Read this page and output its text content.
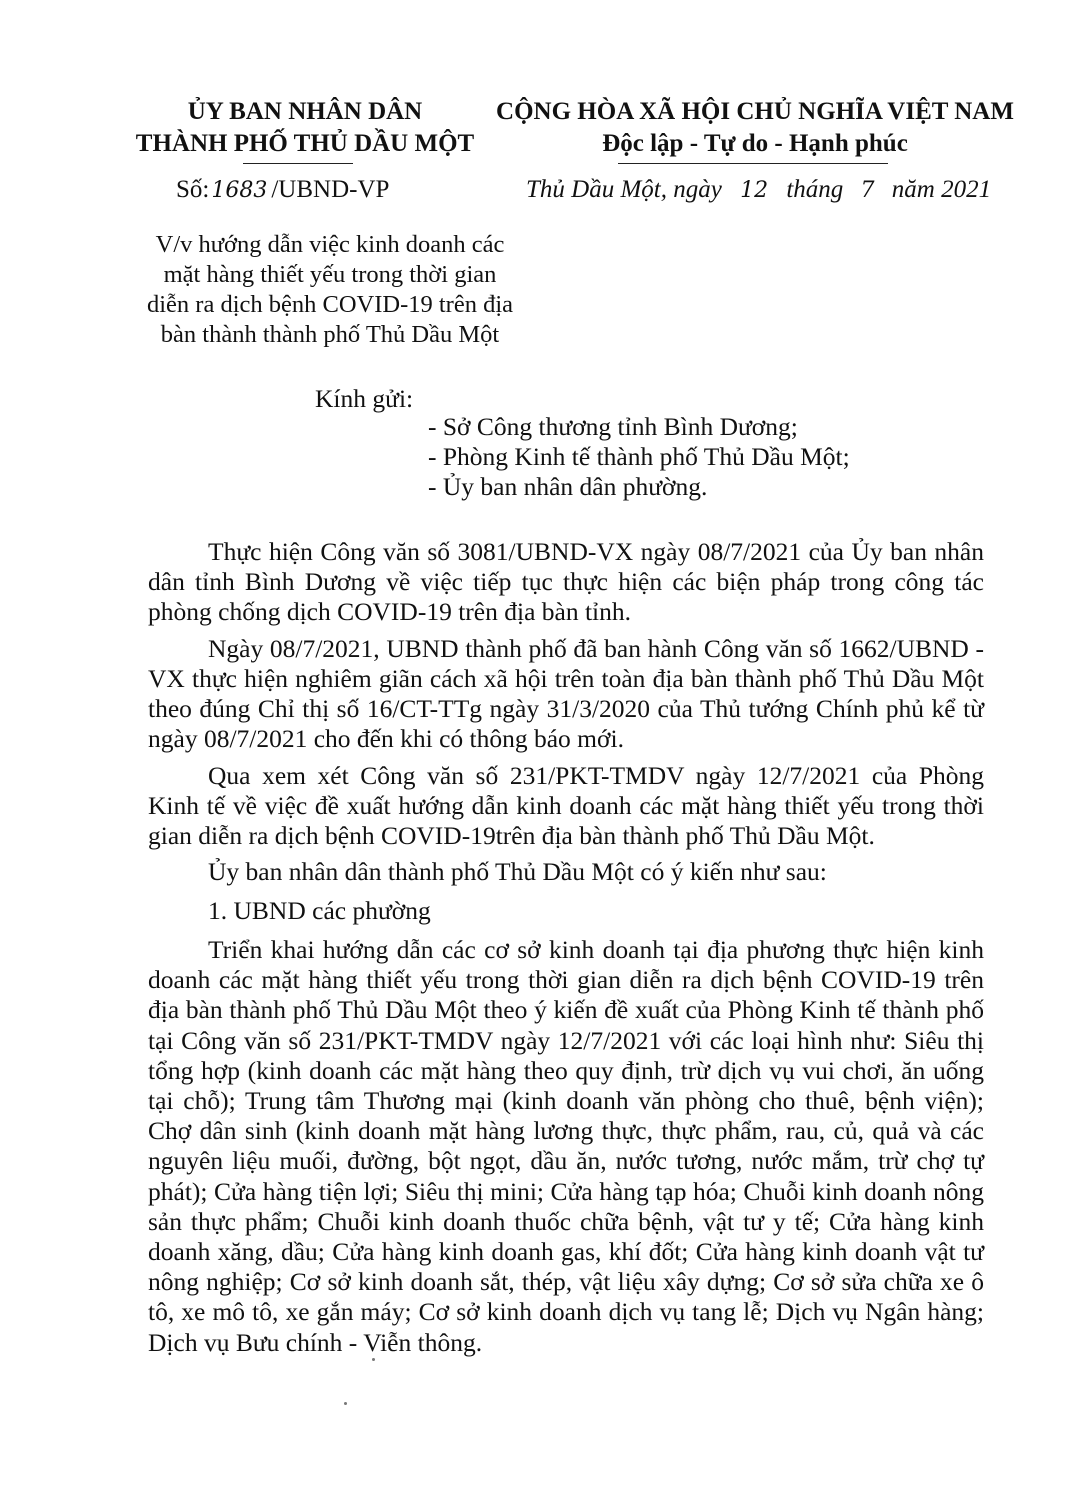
ỦY BAN NHÂN DÂN
THÀNH PHỐ THỦ DẦU MỘT
CỘNG HÒA XÃ HỘI CHỦ NGHĨA VIỆT NAM
Độc lập - Tự do - Hạnh phúc
Số:1683 /UBND-VP	Thủ Dầu Một, ngày 12 tháng 7 năm 2021
V/v hướng dẫn việc kinh doanh các
mặt hàng thiết yếu trong thời gian
diễn ra dịch bệnh COVID-19 trên địa
bàn thành thành phố Thủ Dầu Một
Kính gửi:
- Sở Công thương tỉnh Bình Dương;
- Phòng Kinh tế thành phố Thủ Dầu Một;
- Ủy ban nhân dân phường.

Thực hiện Công văn số 3081/UBND-VX ngày 08/7/2021 của Ủy ban nhân dân tỉnh Bình Dương về việc tiếp tục thực hiện các biện pháp trong công tác phòng chống dịch COVID-19 trên địa bàn tỉnh.

Ngày 08/7/2021, UBND thành phố đã ban hành Công văn số 1662/UBND -VX thực hiện nghiêm giãn cách xã hội trên toàn địa bàn thành phố Thủ Dầu Một theo đúng Chỉ thị số 16/CT-TTg ngày 31/3/2020 của Thủ tướng Chính phủ kể từ ngày 08/7/2021 cho đến khi có thông báo mới.

Qua xem xét Công văn số 231/PKT-TMDV ngày 12/7/2021 của Phòng Kinh tế về việc đề xuất hướng dẫn kinh doanh các mặt hàng thiết yếu trong thời gian diễn ra dịch bệnh COVID-19trên địa bàn thành phố Thủ Dầu Một.

Ủy ban nhân dân thành phố Thủ Dầu Một có ý kiến như sau:

1. UBND các phường

Triển khai hướng dẫn các cơ sở kinh doanh tại địa phương thực hiện kinh doanh các mặt hàng thiết yếu trong thời gian diễn ra dịch bệnh COVID-19 trên địa bàn thành phố Thủ Dầu Một theo ý kiến đề xuất của Phòng Kinh tế thành phố tại Công văn số 231/PKT-TMDV ngày 12/7/2021 với các loại hình như: Siêu thị tổng hợp (kinh doanh các mặt hàng theo quy định, trừ dịch vụ vui chơi, ăn uống tại chỗ); Trung tâm Thương mại (kinh doanh văn phòng cho thuê, bệnh viện); Chợ dân sinh (kinh doanh mặt hàng lương thực, thực phẩm, rau, củ, quả và các nguyên liệu muối, đường, bột ngọt, dầu ăn, nước tương, nước mắm, trừ chợ tự phát); Cửa hàng tiện lợi; Siêu thị mini; Cửa hàng tạp hóa; Chuỗi kinh doanh nông sản thực phẩm; Chuỗi kinh doanh thuốc chữa bệnh, vật tư y tế; Cửa hàng kinh doanh xăng, dầu; Cửa hàng kinh doanh gas, khí đốt; Cửa hàng kinh doanh vật tư nông nghiệp; Cơ sở kinh doanh sắt, thép, vật liệu xây dựng; Cơ sở sửa chữa xe ô tô, xe mô tô, xe gắn máy; Cơ sở kinh doanh dịch vụ tang lễ; Dịch vụ Ngân hàng; Dịch vụ Bưu chính - Viễn thông.
